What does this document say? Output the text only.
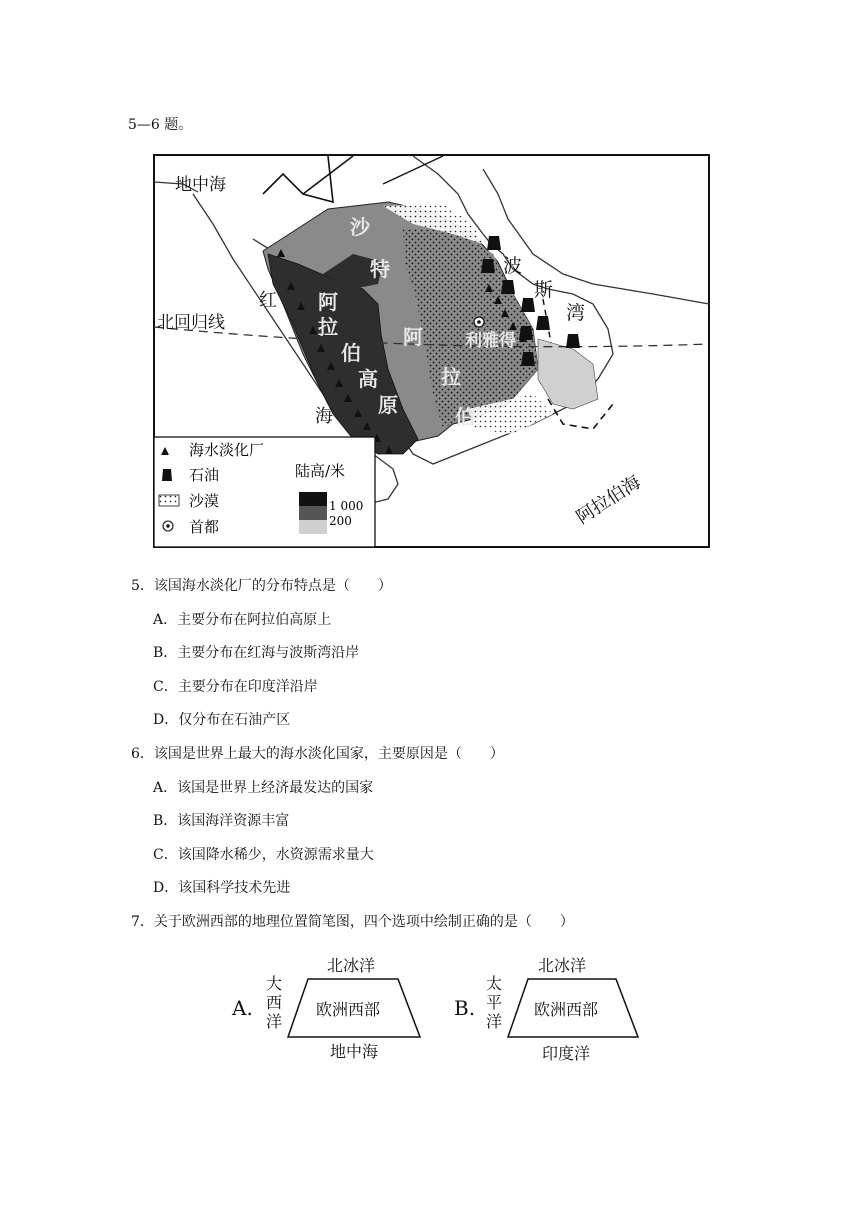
5—6 题。
地中海
红
海
北回归线
波
斯
湾
沙
特
阿
拉
伯
阿
拉
伯
高
原
利雅得
阿拉伯海
海水淡化厂
石油
沙漠
首都
陆高/米
1 000
200
5．该国海水淡化厂的分布特点是（　　）
A．主要分布在阿拉伯高原上
B．主要分布在红海与波斯湾沿岸
C．主要分布在印度洋沿岸
D．仅分布在石油产区
6．该国是世界上最大的海水淡化国家，主要原因是（　　）
A．该国是世界上经济最发达的国家
B．该国海洋资源丰富
C．该国降水稀少，水资源需求量大
D．该国科学技术先进
7．关于欧洲西部的地理位置简笔图，四个选项中绘制正确的是（　　）
A.
北冰洋
大
西
洋
欧洲西部
地中海
B.
北冰洋
太
平
洋
欧洲西部
印度洋
